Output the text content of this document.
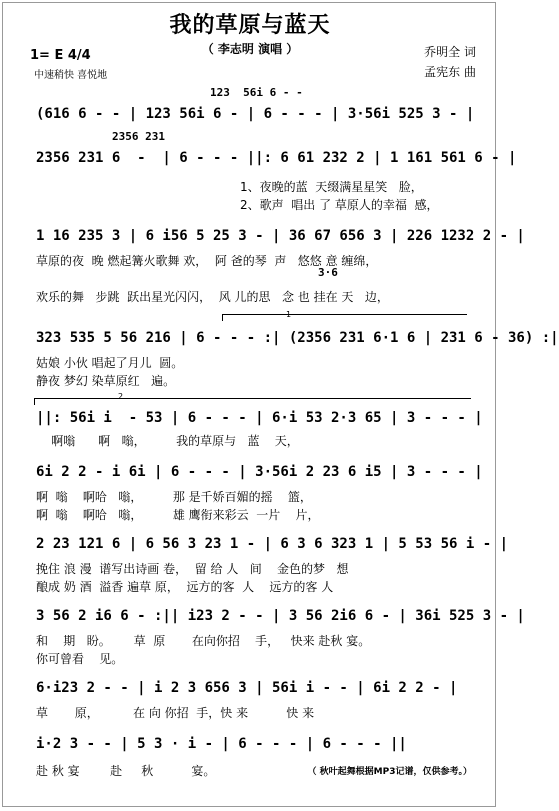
我的草原与蓝天
（ 李志明 演唱 ）
1= E 4/4
中速稍快 喜悦地
乔明全 词
孟宪东 曲
123  56i 6 - -
(616 6 - - | 123 56i 6 - | 6 - - - | 3·56i 525 3 - |
2356 231
2356 231 6  -  | 6 - - - ||: 6 61 232 2 | 1 161 561 6 - |
1、夜晚的蓝  天缀满星星笑   脸，
2、歌声  唱出 了 草原人的幸福  感，
1 16 235 3 | 6 i56 5 25 3 - | 36 67 656 3 | 226 1232 2 - |
草原的夜  晚 燃起篝火歌舞 欢，  阿 爸的琴  声   悠悠 意 缠绵，
3·6
欢乐的舞   步跳  跃出星光闪闪，  风 儿的思   念 也 挂在 天   边，
1
323 535 5 56 216 | 6 - - - :| (2356 231 6·1 6 | 231 6 - 36) :|
姑娘 小伙 唱起了月儿  圆。
静夜 梦幻 染草原红   遍。
2
||: 56i i  - 53 | 6 - - - | 6·i 53 2·3 65 | 3 - - - |
啊嗡      啊   嗡，        我的草原与   蓝    天，
6i 2 2 - i 6i | 6 - - - | 3·56i 2 23 6 i5 | 3 - - - |
啊  嗡    啊哈   嗡，        那 是千娇百媚的摇    篮，
啊  嗡    啊哈   嗡，        雄 鹰衔来彩云  一片    片，
2 23 121 6 | 6 56 3 23 1 - | 6 3 6 323 1 | 5 53 56 i - |
挽住 浪 漫  谱写出诗画 卷，  留 给 人   间    金色的梦   想
酿成 奶 酒  溢香 遍草 原，  远方的客  人    远方的客 人
3 56 2 i6 6 - :|| i23 2 - - | 3 56 2i6 6 - | 36i 525 3 - |
和    期   盼。      草  原       在向你招    手，   快来 赴秋 宴。
你可曾看    见。
6·i23 2 - - | i 2 3 656 3 | 56i i - - | 6i 2 2 - |
草       原，         在 向 你招  手，快 来          快 来
i·2 3 - - | 5 3 · i - | 6 - - - | 6 - - - ||
赴 秋 宴        赴     秋          宴。	（ 秋叶起舞根据MP3记谱，仅供参考。）
